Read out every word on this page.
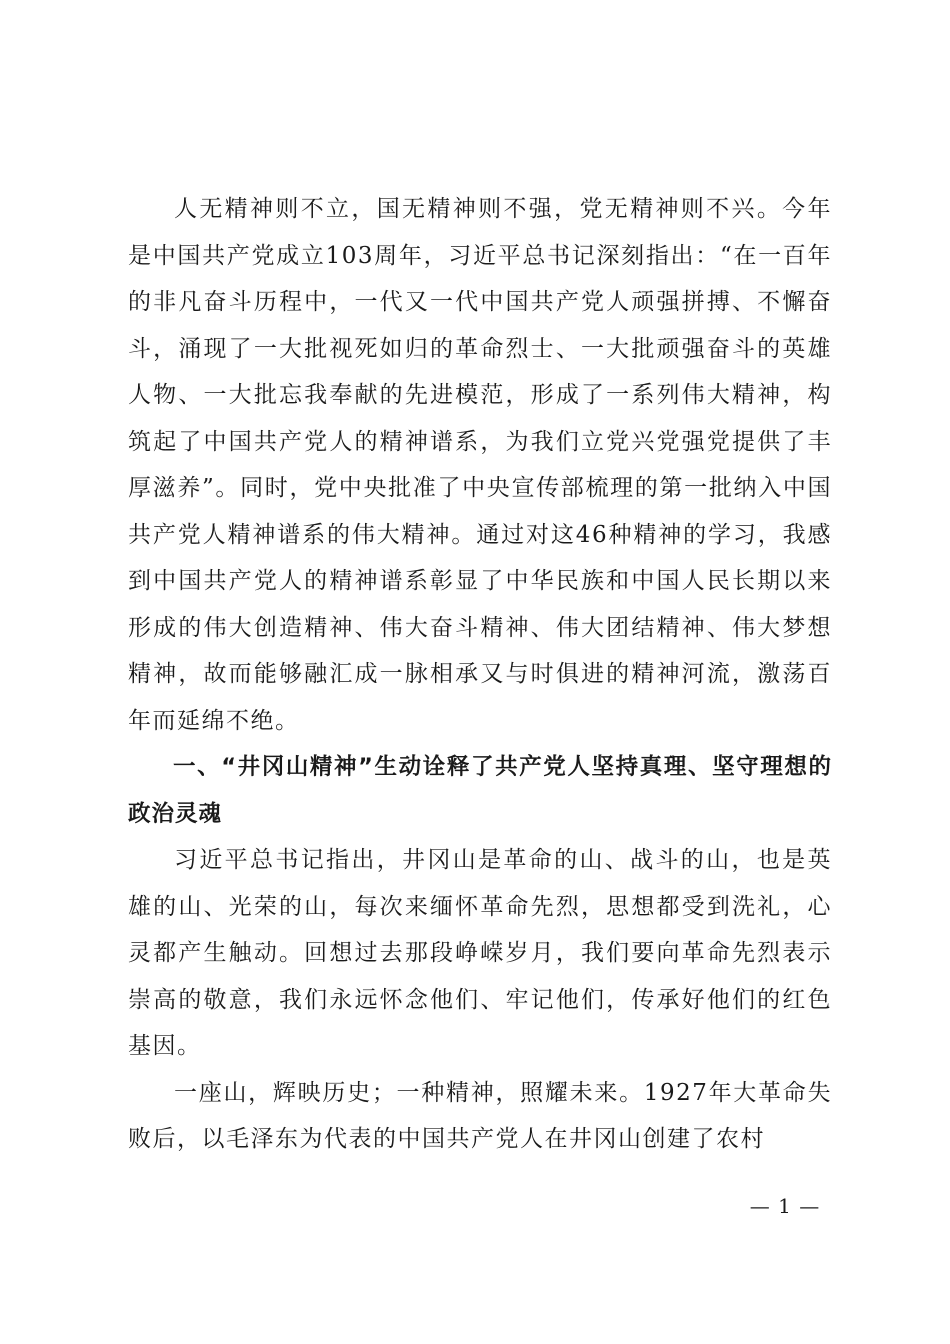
人无精神则不立，国无精神则不强，党无精神则不兴。今年是中国共产党成立103周年，习近平总书记深刻指出：“在一百年的非凡奋斗历程中，一代又一代中国共产党人顽强拼搏、不懈奋斗，涌现了一大批视死如归的革命烈士、一大批顽强奋斗的英雄人物、一大批忘我奉献的先进模范，形成了一系列伟大精神，构筑起了中国共产党人的精神谱系，为我们立党兴党强党提供了丰厚滋养”。同时，党中央批准了中央宣传部梳理的第一批纳入中国共产党人精神谱系的伟大精神。通过对这46种精神的学习，我感到中国共产党人的精神谱系彰显了中华民族和中国人民长期以来形成的伟大创造精神、伟大奋斗精神、伟大团结精神、伟大梦想精神，故而能够融汇成一脉相承又与时俱进的精神河流，激荡百年而延绵不绝。

一、“井冈山精神”生动诠释了共产党人坚持真理、坚守理想的政治灵魂

习近平总书记指出，井冈山是革命的山、战斗的山，也是英雄的山、光荣的山，每次来缅怀革命先烈，思想都受到洗礼，心灵都产生触动。回想过去那段峥嵘岁月，我们要向革命先烈表示崇高的敬意，我们永远怀念他们、牢记他们，传承好他们的红色基因。

一座山，辉映历史；一种精神，照耀未来。1927年大革命失败后，以毛泽东为代表的中国共产党人在井冈山创建了农村

— 1 —
